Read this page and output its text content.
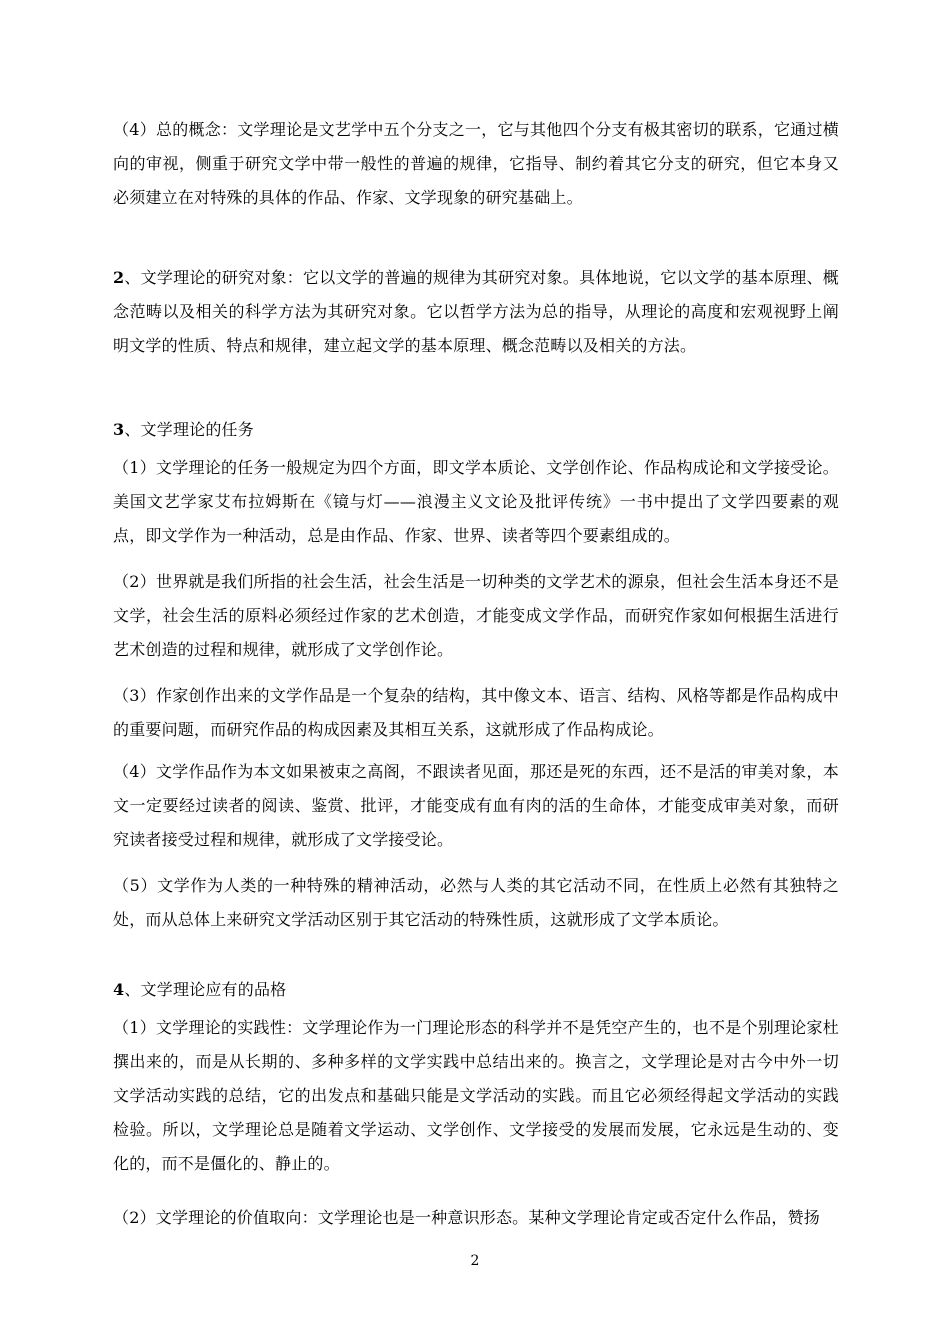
（4）总的概念：文学理论是文艺学中五个分支之一，它与其他四个分支有极其密切的联系，它通过横向的审视，侧重于研究文学中带一般性的普遍的规律，它指导、制约着其它分支的研究，但它本身又必须建立在对特殊的具体的作品、作家、文学现象的研究基础上。
2、文学理论的研究对象：它以文学的普遍的规律为其研究对象。具体地说，它以文学的基本原理、概念范畴以及相关的科学方法为其研究对象。它以哲学方法为总的指导，从理论的高度和宏观视野上阐明文学的性质、特点和规律，建立起文学的基本原理、概念范畴以及相关的方法。
3、文学理论的任务
（1）文学理论的任务一般规定为四个方面，即文学本质论、文学创作论、作品构成论和文学接受论。美国文艺学家艾布拉姆斯在《镜与灯——浪漫主义文论及批评传统》一书中提出了文学四要素的观点，即文学作为一种活动，总是由作品、作家、世界、读者等四个要素组成的。
（2）世界就是我们所指的社会生活，社会生活是一切种类的文学艺术的源泉，但社会生活本身还不是文学，社会生活的原料必须经过作家的艺术创造，才能变成文学作品，而研究作家如何根据生活进行艺术创造的过程和规律，就形成了文学创作论。
（3）作家创作出来的文学作品是一个复杂的结构，其中像文本、语言、结构、风格等都是作品构成中的重要问题，而研究作品的构成因素及其相互关系，这就形成了作品构成论。
（4）文学作品作为本文如果被束之高阁，不跟读者见面，那还是死的东西，还不是活的审美对象，本文一定要经过读者的阅读、鉴赏、批评，才能变成有血有肉的活的生命体，才能变成审美对象，而研究读者接受过程和规律，就形成了文学接受论。
（5）文学作为人类的一种特殊的精神活动，必然与人类的其它活动不同，在性质上必然有其独特之处，而从总体上来研究文学活动区别于其它活动的特殊性质，这就形成了文学本质论。
4、文学理论应有的品格
（1）文学理论的实践性：文学理论作为一门理论形态的科学并不是凭空产生的，也不是个别理论家杜撰出来的，而是从长期的、多种多样的文学实践中总结出来的。换言之，文学理论是对古今中外一切文学活动实践的总结，它的出发点和基础只能是文学活动的实践。而且它必须经得起文学活动的实践检验。所以，文学理论总是随着文学运动、文学创作、文学接受的发展而发展，它永远是生动的、变化的，而不是僵化的、静止的。
（2）文学理论的价值取向：文学理论也是一种意识形态。某种文学理论肯定或否定什么作品，赞扬
2
